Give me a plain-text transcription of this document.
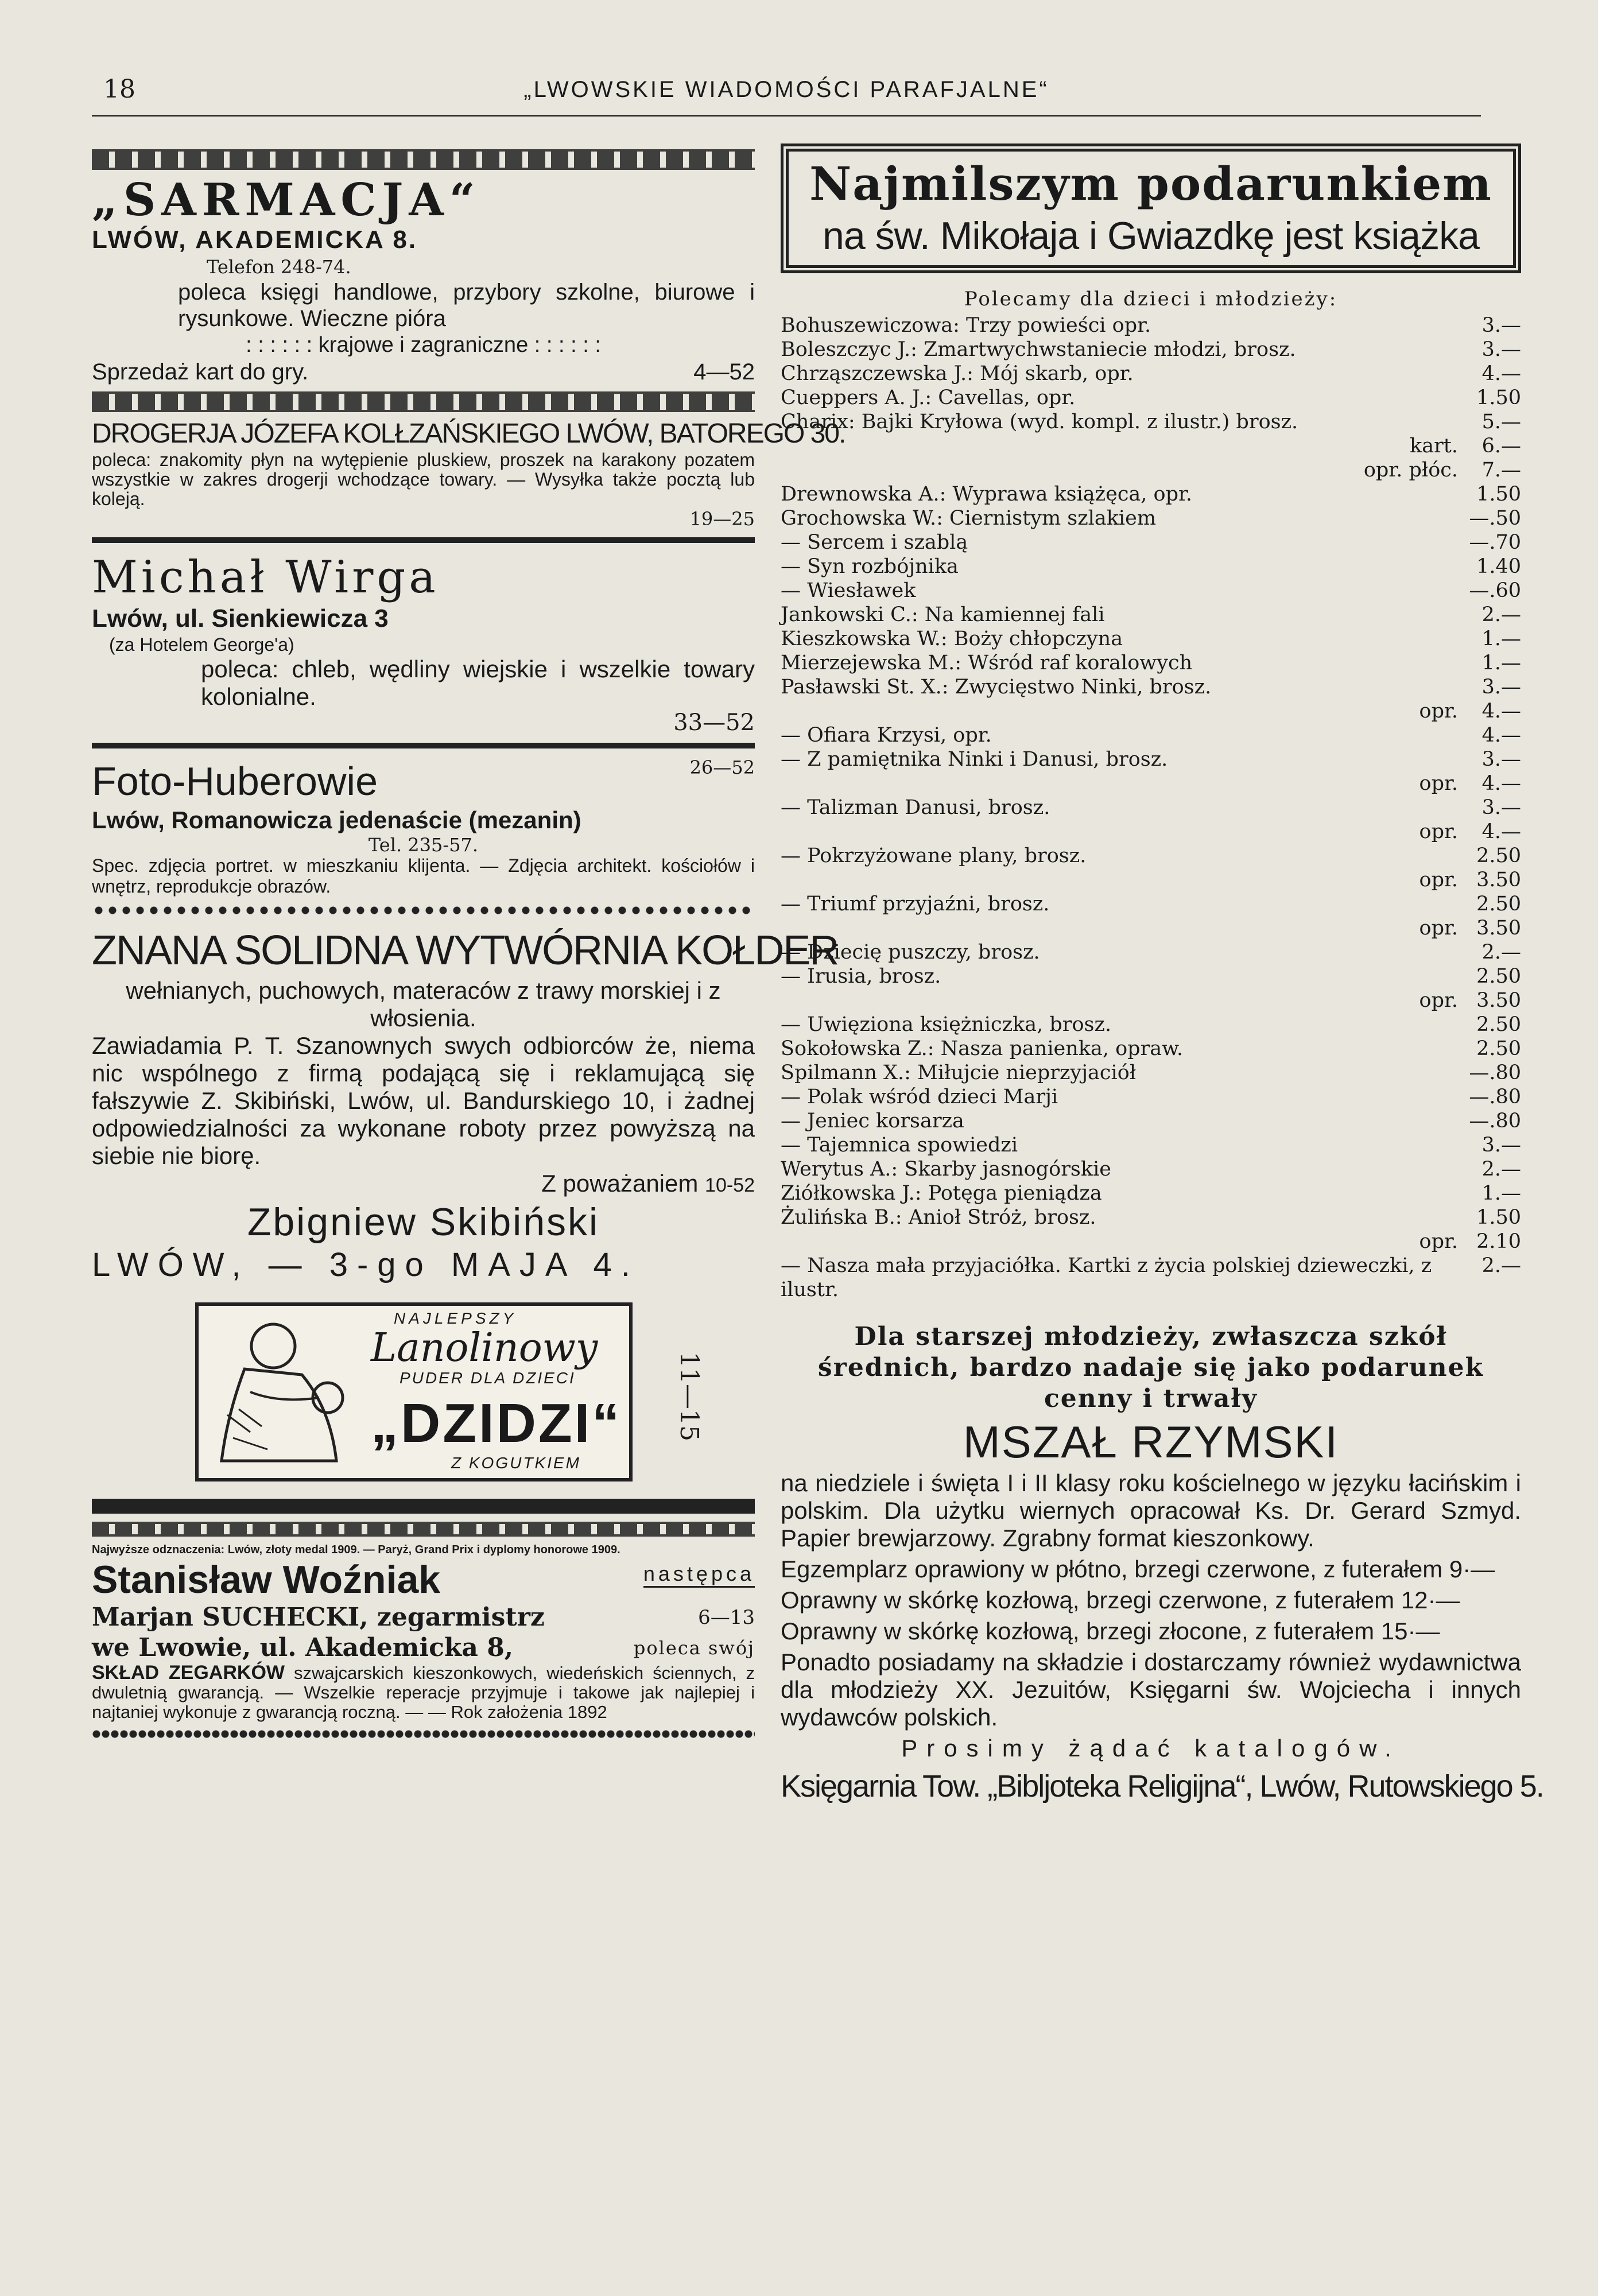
18	„LWOWSKIE WIADOMOŚCI PARAFJALNE“
„SARMACJA“
LWÓW, AKADEMICKA 8.
Telefon 248-74.
poleca księgi handlowe, przybory szkolne, biurowe i rysunkowe. Wieczne pióra
: : : : : : krajowe i zagraniczne : : : : : :
Sprzedaż kart do gry.	4—52
DROGERJA JÓZEFA KOLŁZAŃSKIEGO LWÓW, BATOREGO 30.
poleca: znakomity płyn na wytępienie pluskiew, proszek na karakony pozatem wszystkie w zakres drogerji wchodzące towary. — Wysyłka także pocztą lub koleją.
19—25
Michał Wirga
Lwów, ul. Sienkiewicza 3
(za Hotelem George'a)
poleca: chleb, wędliny wiejskie i wszelkie towary kolonialne.
33—52
Foto-Huberowie	26—52
Lwów, Romanowicza jedenaście (mezanin)
Tel. 235-57.
Spec. zdjęcia portret. w mieszkaniu klijenta. — Zdjęcia architekt. kościołów i wnętrz, reprodukcje obrazów.
ZNANA SOLIDNA WYTWÓRNIA KOŁDER
wełnianych, puchowych, materaców z trawy morskiej i z włosienia.
Zawiadamia P. T. Szanownych swych odbiorców że, niema nic wspólnego z firmą podającą się i reklamującą się fałszywie Z. Skibiński, Lwów, ul. Bandurskiego 10, i żadnej odpowiedzialności za wykonane roboty przez powyższą na siebie nie biorę.
Z poważaniem 10-52
Zbigniew Skibiński
LWÓW, — 3-go MAJA 4.
NAJLEPSZY
Lanolinowy
PUDER DLA DZIECI
„DZIDZI“
Z KOGUTKIEM
11—15
Najwyższe odznaczenia: Lwów, złoty medal 1909. — Paryż, Grand Prix i dyplomy honorowe 1909.
Stanisław Woźniak	następca
Marjan SUCHECKI, zegarmistrz	6—13
we Lwowie, ul. Akademicka 8,	poleca swój
SKŁAD ZEGARKÓW szwajcarskich kieszonkowych, wiedeńskich ściennych, z dwuletnią gwarancją. — Wszelkie reperacje przyjmuje i takowe jak najlepiej i najtaniej wykonuje z gwarancją roczną. — — Rok założenia 1892
Najmilszym podarunkiem
na św. Mikołaja i Gwiazdkę jest książka
Polecamy dla dzieci i młodzieży:
Bohuszewiczowa: Trzy powieści opr.	3.—
Boleszczyc J.: Zmartwychwstaniecie młodzi, brosz.	3.—
Chrząszczewska J.: Mój skarb, opr.	4.—
Cueppers A. J.: Cavellas, opr.	1.50
Charix: Bajki Kryłowa (wyd. kompl. z ilustr.) brosz.	5.—
kart.	6.—
opr. płóc.	7.—
Drewnowska A.: Wyprawa książęca, opr.	1.50
Grochowska W.: Ciernistym szlakiem	—.50
— Sercem i szablą	—.70
— Syn rozbójnika	1.40
— Wiesławek	—.60
Jankowski C.: Na kamiennej fali	2.—
Kieszkowska W.: Boży chłopczyna	1.—
Mierzejewska M.: Wśród raf koralowych	1.—
Pasławski St. X.: Zwycięstwo Ninki, brosz.	3.—
opr.	4.—
— Ofiara Krzysi, opr.	4.—
— Z pamiętnika Ninki i Danusi, brosz.	3.—
opr.	4.—
— Talizman Danusi, brosz.	3.—
opr.	4.—
— Pokrzyżowane plany, brosz.	2.50
opr. 3.50
— Triumf przyjaźni, brosz.	2.50
opr. 3.50
— Dziecię puszczy, brosz.	2.—
— Irusia, brosz.	2.50
opr. 3.50
— Uwięziona księżniczka, brosz.	2.50
Sokołowska Z.: Nasza panienka, opraw.	2.50
Spilmann X.: Miłujcie nieprzyjaciół	—.80
— Polak wśród dzieci Marji	—.80
— Jeniec korsarza	—.80
— Tajemnica spowiedzi	3.—
Werytus A.: Skarby jasnogórskie	2.—
Ziółkowska J.: Potęga pieniądza	1.—
Żulińska B.: Anioł Stróż, brosz.	1.50
opr. 2.10
— Nasza mała przyjaciółka. Kartki z życia polskiej dzieweczki, z ilustr.
2.—
Dla starszej młodzieży, zwłaszcza szkół średnich, bardzo nadaje się jako podarunek cenny i trwały
MSZAŁ RZYMSKI
na niedziele i święta I i II klasy roku kościelnego w języku łacińskim i polskim. Dla użytku wiernych opracował Ks. Dr. Gerard Szmyd. Papier brewjarzowy. Zgrabny format kieszonkowy.
Egzemplarz oprawiony w płótno, brzegi czerwone, z futerałem 9·—
Oprawny w skórkę kozłową, brzegi czerwone, z futerałem 12·—
Oprawny w skórkę kozłową, brzegi złocone, z futerałem 15·—
Ponadto posiadamy na składzie i dostarczamy również wydawnictwa dla młodzieży XX. Jezuitów, Księgarni św. Wojciecha i innych wydawców polskich.
Prosimy żądać katalogów.
Księgarnia Tow. „Bibljoteka Religijna“, Lwów, Rutowskiego 5.
